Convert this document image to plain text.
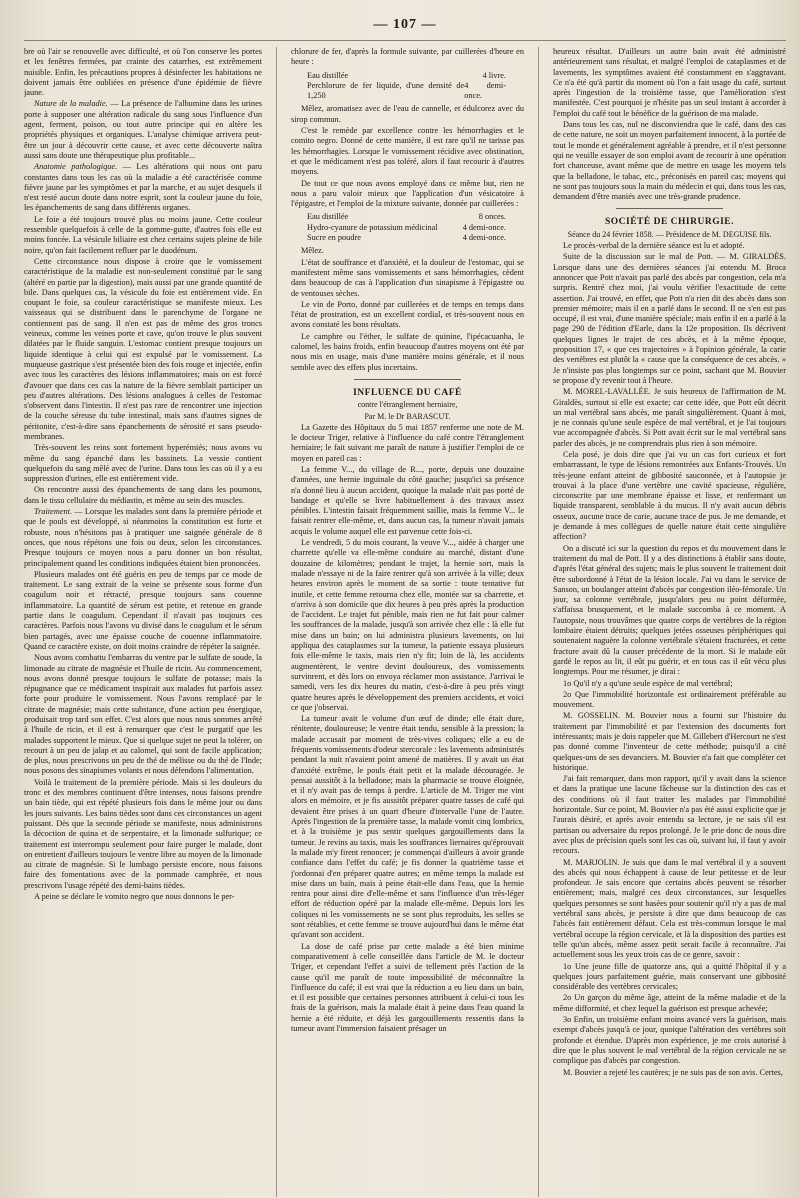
— 107 —

bre où l'air se renouvelle avec difficulté, et où l'on conserve les portes et les fenêtres fermées, par crainte des catarrhes, est extrêmement nuisible. Enfin, les précautions propres à désinfecter les habitations ne doivent jamais être oubliées en présence d'une épidémie de fièvre jaune.

Nature de la maladie. — La présence de l'albumine dans les urines porte à supposer une altération radicale du sang sous l'influence d'un agent, ferment, poison, ou tout autre principe qui en altère les propriétés physiques et organiques. L'analyse chimique arrivera peut-être un jour à découvrir cette cause, et avec cette découverte naîtra aussi sans doute une thérapeutique plus profitable...

Anatomie pathologique. — Les altérations qui nous ont paru constantes dans tous les cas où la maladie a été caractérisée comme fièvre jaune par les symptômes et par la marche, et au sujet desquels il n'est resté aucun doute dans notre esprit, sont la couleur jaune du foie, les épanchements de sang dans différents organes.

Le foie a été toujours trouvé plus ou moins jaune. Cette couleur ressemble quelquefois à celle de la gomme-gutte, d'autres fois elle est moins foncée. La vésicule biliaire est chez certains sujets pleine de bile noire, qu'on fait facilement refluer par le duodénum.

Cette circonstance nous dispose à croire que le vomissement caractéristique de la maladie est non-seulement constitué par le sang (altéré en partie par la digestion), mais aussi par une grande quantité de bile. Dans quelques cas, la vésicule du foie est entièrement vide. En coupant le foie, sa couleur caractéristique se manifeste mieux. Les vaisseaux qui se distribuent dans le parenchyme de l'organe ne contiennent pas de sang. Il n'en est pas de même des gros troncs veineux, comme les veines porte et cave, qu'on trouve le plus souvent dilatées par le fluide sanguin. L'estomac contient presque toujours un liquide identique à celui qui est expulsé par le vomissement. La muqueuse gastrique s'est présentée bien des fois rouge et injectée, enfin avec tous les caractères des lésions inflammatoires; mais on est forcé d'avouer que dans ces cas la nature de la fièvre semblait participer un peu d'autres altérations. Des lésions analogues à celles de l'estomac s'observent dans l'intestin. Il n'est pas rare de rencontrer une injection de la couche séreuse du tube intestinal, mais sans d'autres signes de péritonite, c'est-à-dire sans épanchements de sérosité et sans pseudo-membranes.

Très-souvent les reins sont fortement hyperémiés; nous avons vu même du sang épanché dans les bassinets. La vessie contient quelquefois du sang mêlé avec de l'urine. Dans tous les cas où il y a eu suppression d'urines, elle est entièrement vide.

On rencontre aussi des épanchements de sang dans les poumons, dans le tissu cellulaire du médiastin, et même au sein des muscles.

Traitement. — Lorsque les malades sont dans la première période et que le pouls est développé, si néanmoins la constitution est forte et robuste, nous n'hésitons pas à pratiquer une saignée générale de 8 onces, que nous répétons une fois ou deux, selon les circonstances. Presque toujours ce moyen nous a paru donner un bon résultat, principalement quand les conditions indiquées étaient bien prononcées.

Plusieurs malades ont été guéris en peu de temps par ce mode de traitement. Le sang extrait de la veine se présente sous forme d'un coagulum noir et rétracté, presque toujours sans couenne inflammatoire. La quantité de sérum est petite, et retenue en grande partie dans le coagulum. Cependant il n'avait pas toujours ces caractères. Parfois nous l'avons vu divisé dans le coagulum et le sérum bien partagés, avec une épaisse couche de couenne inflammatoire. Quand ce caractère existe, on doit moins craindre de répéter la saignée.

Nous avons combattu l'embarras du ventre par le sulfate de soude, la limonade au citrate de magnésie et l'huile de ricin. Au commencement, nous avons donné presque toujours le sulfate de potasse; mais la répugnance que ce médicament inspirait aux malades fut parfois assez forte pour produire le vomissement. Nous l'avons remplacé par le citrate de magnésie; mais cette substance, d'une action peu énergique, produisait trop tard son effet. C'est alors que nous nous sommes arrêté à l'huile de ricin, et il est à remarquer que c'est le purgatif que les malades supportent le mieux. Que si quelque sujet ne peut la tolérer, on recourt à un peu de jalap et au calomel, qui sont de facile application; de plus, nous prescrivons un peu de thé de mélisse ou du thé de l'Inde; nous posons des sinapismes volants et nous défendons l'alimentation.

Voilà le traitement de la première période. Mais si les douleurs du tronc et des membres continuent d'être intenses, nous faisons prendre un bain tiède, qui est répété plusieurs fois dans le même jour ou dans les jours suivants. Les bains tièdes sont dans ces circonstances un agent puissant. Dès que la seconde période se manifeste, nous administrons la décoction de quina et de serpentaire, et la limonade sulfurique; ce traitement est interrompu seulement pour faire purger le malade, dont on entretient d'ailleurs toujours le ventre libre au moyen de la limonade au citrate de magnésie. Si le lumbago persiste encore, nous faisons faire des fomentations avec de la pommade camphrée, et nous prescrivons l'usage répété des demi-bains tièdes.

A peine se déclare le vomito negro que nous donnons le per-

chlorure de fer, d'après la formule suivante, par cuillerées d'heure en heure :

Eau distillée	4 livre.
Perchlorure de fer liquide, d'une densité de 1,250
4 demi-once.

Mêlez, aromatisez avec de l'eau de cannelle, et édulcorez avec du sirop commun.

C'est le remède par excellence contre les hémorrhagies et le comito negro. Donné de cette manière, il est rare qu'il ne tarisse pas les hémorrhagies. Lorsque le vomissement récidive avec obstination, et que le médicament n'est pas toléré, alors il faut recourir à d'autres moyens.

De tout ce que nous avons employé dans ce même but, rien ne nous a paru valoir mieux que l'application d'un vésicatoire à l'épigastre, et l'emploi de la mixture suivante, donnée par cuillerées :

Eau distillée	8 onces.
Hydro-cyanure de potassium médicinal	4 demi-once.
Sucre en poudre	4 demi-once.

Mêlez.

L'état de souffrance et d'anxiété, et la douleur de l'estomac, qui se manifestent même sans vomissements et sans hémorrhagies, cèdent dans beaucoup de cas à l'application d'un sinapisme à l'épigastre ou de ventouses sèches.

Le vin de Porto, donné par cuillerées et de temps en temps dans l'état de prostration, est un excellent cordial, et très-souvent nous en avons constaté les bons résultats.

Le camphre ou l'éther, le sulfate de quinine, l'ipécacuanha, le calomel, les bains froids, enfin beaucoup d'autres moyens ont été par nous mis en usage, mais d'une manière moins générale, et il nous semble avec des effets plus incertains.

INFLUENCE DU CAFÉ
contre l'étranglement herniaire,
Par M. le Dr BARASCUT.

La Gazette des Hôpitaux du 5 mai 1857 renferme une note de M. le docteur Triger, relative à l'influence du café contre l'étranglement herniaire; le fait suivant me paraît de nature à justifier l'emploi de ce moyen en pareil cas :

La femme V..., du village de R..., porte, depuis une douzaine d'années, une hernie inguinale du côté gauche; jusqu'ici sa présence n'a donné lieu à aucun accident, quoique la malade n'ait pas porté de bandage et qu'elle se livre habituellement à des travaux assez pénibles. L'intestin faisait fréquemment saillie, mais la femme V... le faisait rentrer elle-même, et, dans aucun cas, la tumeur n'avait jamais acquis le volume auquel elle est parvenue cette fois-ci.

Le vendredi, 5 du mois courant, la veuve V..., aidée à charger une charrette qu'elle va elle-même conduire au marché, distant d'une douzaine de kilomètres; pendant le trajet, la hernie sort, mais la malade n'essaye ni de la faire rentrer qu'à son arrivée à la ville; deux heures environ après le moment de sa sortie : toute tentative fut inutile, et cette femme retourna chez elle, montée sur sa charrette, et n'arriva à son domicile que dix heures à peu près après la production de l'accident. Le trajet fut pénible, mais rien ne fut fait pour calmer les souffrances de la malade, jusqu'à son arrivée chez elle : là elle fut mise dans un bain; on lui administra plusieurs lavements, on lui appliqua des cataplasmes sur la tumeur, la patiente essaya plusieurs fois elle-même le taxis, mais rien n'y fit; loin de là, les accidents augmentèrent, le ventre devint douloureux, des vomissements survinrent, et dès lors on envoya réclamer mon assistance. J'arrivai le samedi, vers les dix heures du matin, c'est-à-dire à peu près vingt quatre heures après le développement des premiers accidents, et voici ce que j'observai.

La tumeur avait le volume d'un œuf de dinde; elle était dure, rénitente, douloureuse; le ventre était tendu, sensible à la pression; la malade accusait par moment de très-vives coliques; elle a eu de fréquents vomissements d'odeur stercorale : les lavements administrés pendant la nuit n'avaient point amené de matières. Il y avait un état d'anxiété extrême, le pouls était petit et la malade découragée. Je pensai aussitôt à la belladone; mais la pharmacie se trouve éloignée, et il n'y avait pas de temps à perdre. L'article de M. Triger me vint alors en mémoire, et je fis aussitôt préparer quatre tasses de café qui devaient être prises à un quart d'heure d'intervalle l'une de l'autre. Après l'ingestion de la première tasse, la malade vomit cinq lombrics, et à la troisième je pus sentir quelques gargouillements dans la tumeur. Je revins au taxis, mais les souffrances liernaires qu'éprouvait la malade m'y firent renoncer; je commençai d'ailleurs à avoir grande confiance dans l'effet du café; je fis donner la quatrième tasse et j'ordonnai d'en préparer quatre autres; en même temps la malade est mise dans un bain, mais à peine était-elle dans l'eau, que la hernie rentra pour ainsi dire d'elle-même et sans l'influence d'un très-léger effort de réduction opéré par la malade elle-même. Depuis lors les coliques ni les vomissements ne se sont plus reproduits, les selles se sont rétablies, et cette femme se trouve aujourd'hui dans le même état qu'avant son accident.

La dose de café prise par cette malade a été bien minime comparativement à celle conseillée dans l'article de M. le docteur Triger, et cependant l'effet a suivi de tellement près l'action de la cause qu'il me paraît de toute impossibilité de méconnaître la l'influence du café; il est vrai que la réduction a eu lieu dans un bain, et il est possible que certaines personnes attribuent à celui-ci tous les frais de la guérison, mais la malade était à peine dans l'eau quand la hernie a été réduite, et déjà les gargouillements ressentis dans la tumeur avant l'immersion faisaient présager un

heureux résultat. D'ailleurs un autre bain avait été administré antérieurement sans résultat, et malgré l'emploi de cataplasmes et de lavements, les symptômes avaient été constamment en s'aggravant. Ce n'a été qu'à partir du moment où l'on a fait usage du café, surtout après l'ingestion de la troisième tasse, que l'amélioration s'est manifestée. C'est pourquoi je n'hésite pas un seul instant à accorder à l'emploi du café tout le bénéfice de la guérison de ma malade.

Dans tous les cas, nul ne disconviendra que le café, dans des cas de cette nature, ne soit un moyen parfaitement innocent, à la portée de tout le monde et généralement agréable à prendre, et il n'est personne qui ne veuille essayer de son emploi avant de recourir à une opération fort chanceuse, avant même que de mettre en usage les moyens tels que la belladone, le tabac, etc., préconisés en pareil cas; moyens qui ne sont pas toujours sous la main du médecin et qui, dans tous les cas, demandent d'être maniés avec une très-grande prudence.

SOCIÉTÉ DE CHIRURGIE.
Séance du 24 février 1858. — Présidence de M. DEGUISE fils.

Le procès-verbal de la dernière séance est lu et adopté.

Suite de la discussion sur le mal de Pott. — M. GIRALDÈS. Lorsque dans une des dernières séances j'ai entendu M. Broca annoncer que Pott n'avait pas parlé des abcès par congestion, cela m'a surpris. Rentré chez moi, j'ai voulu vérifier l'exactitude de cette assertion. J'ai trouvé, en effet, que Pott n'a rien dit des abcès dans son premier mémoire; mais il en a parlé dans le second. Il ne s'en est pas occupé, il est vrai, d'une manière spéciale; mais enfin il en a parlé à la page 290 de l'édition d'Earle, dans la 12e proposition. Ils décrivent quelques lignes le trajet de ces abcès, et à la même époque, proposition 17, « que ces trajectoires » à l'opinion générale, la carie des vertèbres est plutôt la « cause que la conséquence de ces abcès. » Je n'insiste pas plus longtemps sur ce point, sachant que M. Bouvier se propose d'y revenir tout à l'heure.

M. MOREL-LAVALLÉE. Je suis heureux de l'affirmation de M. Giraldès, surtout si elle est exacte; car cette idée, que Pott eût décrit un mal vertébral sans abcès, me paraît singulièrement. Quant à moi, je ne connais qu'une seule espèce de mal vertébral, et je l'ai toujours vue accompagnée d'abcès. Si Pott avait écrit sur le mal vertébral sans parler des abcès, je ne comprendrais plus rien à son mémoire.

Cela posé, je dois dire que j'ai vu un cas fort curieux et fort embarrassant, le type de lésions remontrées aux Enfants-Trouvés. Un très-jeune enfant atteint de gibbosité sauconnée, et à l'autopsie je trouvai à la place d'une vertèbre une cavité spacieuse, régulière, circonscrite par une membrane épaisse et lisse, et renfermant un liquide transparent, semblable à du mucus. Il n'y avait aucun débris osseux, aucune trace de carie, aucune trace de pus. Je me demande, et je demande à mes collègues de quelle nature était cette singulière affection?

On a discuté ici sur la question du repos et du mouvement dans le traitement du mal de Pott. Il y a des distinctions à établir sans doute, d'après l'état général des sujets; mais le plus souvent le traitement doit être subordonné à l'état de la lésion locale. J'ai vu dans le service de Sanson, un boulanger atteint d'abcès par congestion iléo-fémorale. Un jour, sa colonne vertébrale, jusqu'alors peu ou point déformée, s'affaissa brusquement, et le malade succomba à ce moment. A l'autopsie, nous trouvâmes que quatre corps de vertèbres de la région lombaire étaient détruits; quelques jetées osseuses périphériques qui soutenaient naguère la colonne vertébrale s'étaient fracturées, et cette fracture avait dû la causer précédente de la mort. Si le malade eût gardé le repos au lit, il eût pu guérir, et en tous cas il eût vécu plus longtemps. Pour me résumer, je dirai :

1o Qu'il n'y a qu'une seule espèce de mal vertébral;

2o Que l'immobilité horizontale est ordinairement préférable au mouvement.

M. GOSSELIN. M. Bouvier nous a fourni sur l'histoire du traitement par l'immobilité et par l'extension des documents fort intéressants; mais je dois rappeler que M. Gillebert d'Hercourt ne s'est pas donné comme l'inventeur de cette méthode; puisqu'il a cité quelques-uns de ses devanciers. M. Bouvier n'a fait que compléter cet historique.

J'ai fait remarquer, dans mon rapport, qu'il y avait dans la science et dans la pratique une lacune fâcheuse sur la distinction des cas et des conditions où il faut traiter les malades par l'immobilité horizontale. Sur ce point, M. Bouvier n'a pas été aussi explicite que je l'aurais désiré, et après avoir entendu sa lecture, je ne sais s'il est partisan ou adversaire du repos prolongé. Je le prie donc de nous dire avec plus de précision quels sont les cas où, suivant lui, il faut y avoir recours.

M. MARJOLIN. Je suis que dans le mal vertébral il y a souvent des abcès qui nous échappent à cause de leur petitesse et de leur profondeur. Je sais encore que certains abcès peuvent se résorber entièrement; mais, malgré ces deux circonstances, sur lesquelles quelques personnes se sont basées pour soutenir qu'il n'y a pas de mal vertébral sans abcès, je persiste à dire que dans beaucoup de cas l'abcès fait entièrement défaut. Cela est très-commun lorsque le mal vertébral occupe la région cervicale, et là la disposition des parties est telle qu'un abcès, même assez petit serait facile à reconnaître. J'ai actuellement sous les yeux trois cas de ce genre, savoir :

1o Une jeune fille de quatorze ans, qui a quitté l'hôpital il y a quelques jours parfaitement guérie, mais conservant une gibbosité considérable des vertèbres cervicales;

2o Un garçon du même âge, atteint de la même maladie et de la même difformité, et chez lequel la guérison est presque achevée;

3o Enfin, un troisième enfant moins avancé vers la guérison, mais exempt d'abcès jusqu'à ce jour, quoique l'altération des vertèbres soit profonde et étendue. D'après mon expérience, je me crois autorisé à dire que le plus souvent le mal vertébral de la région cervicale ne se complique pas d'abcès par congestion.

M. Bouvier a rejeté les cautères; je ne suis pas de son avis. Certes,
